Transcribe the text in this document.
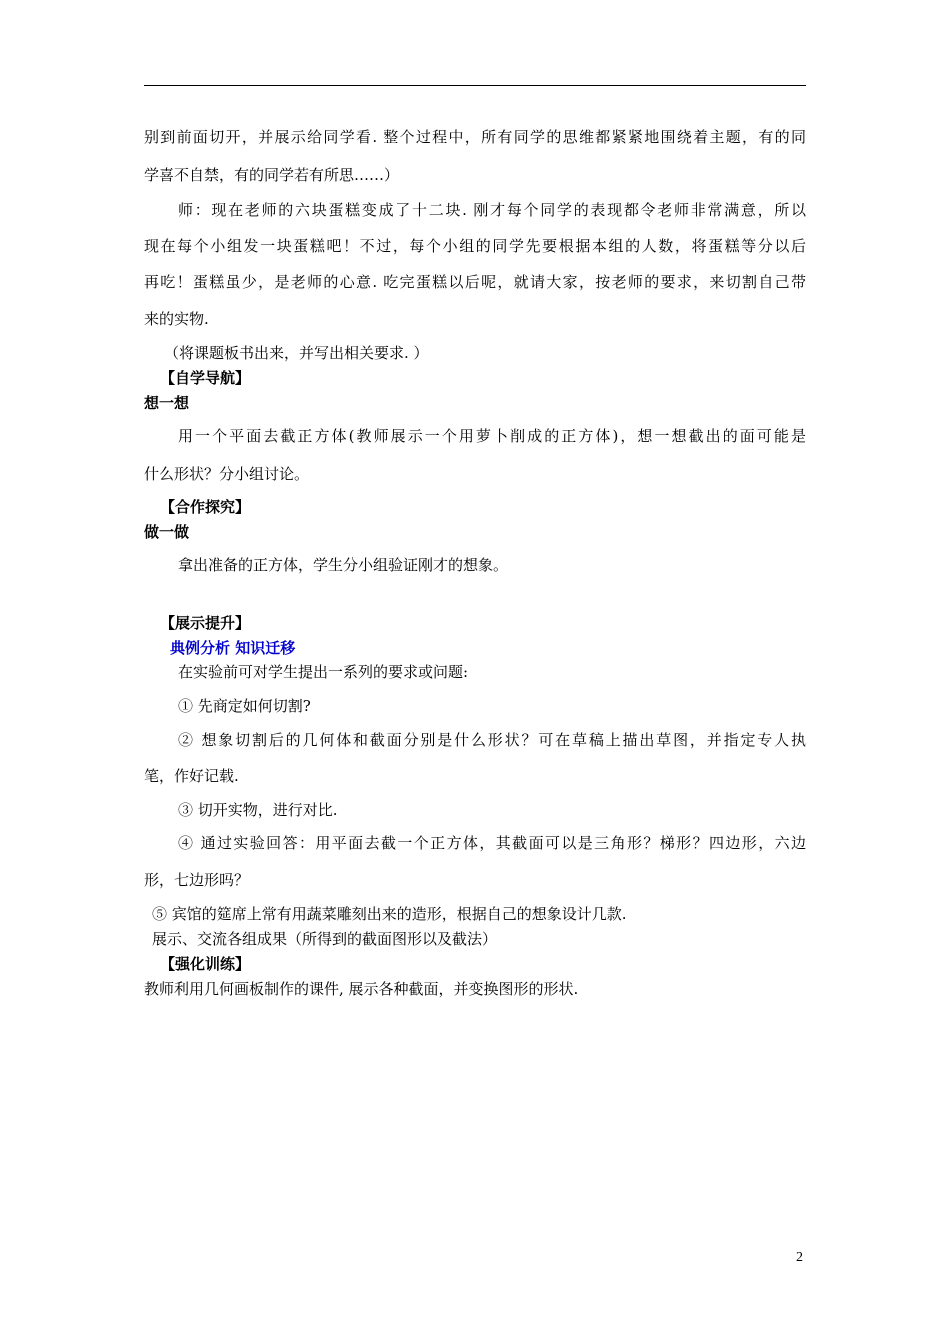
别到前面切开，并展示给同学看. 整个过程中，所有同学的思维都紧紧地围绕着主题，有的同
学喜不自禁，有的同学若有所思……）
师：现在老师的六块蛋糕变成了十二块. 刚才每个同学的表现都令老师非常满意，所以
现在每个小组发一块蛋糕吧！不过，每个小组的同学先要根据本组的人数，将蛋糕等分以后
再吃！蛋糕虽少，是老师的心意. 吃完蛋糕以后呢，就请大家，按老师的要求，来切割自己带
来的实物.
（将课题板书出来，并写出相关要求. ）
【自学导航】
想一想
用一个平面去截正方体(教师展示一个用萝卜削成的正方体)，想一想截出的面可能是
什么形状？分小组讨论。
【合作探究】
做一做
拿出准备的正方体，学生分小组验证刚才的想象。
【展示提升】
典例分析 知识迁移
在实验前可对学生提出一系列的要求或问题:
① 先商定如何切割?
② 想象切割后的几何体和截面分别是什么形状？可在草稿上描出草图，并指定专人执
笔，作好记载.
③ 切开实物，进行对比.
④ 通过实验回答：用平面去截一个正方体，其截面可以是三角形？梯形？四边形，六边
形，七边形吗？
⑤ 宾馆的筵席上常有用蔬菜雕刻出来的造形，根据自己的想象设计几款.
展示、交流各组成果（所得到的截面图形以及截法）
【强化训练】
教师利用几何画板制作的课件, 展示各种截面，并变换图形的形状.
2
